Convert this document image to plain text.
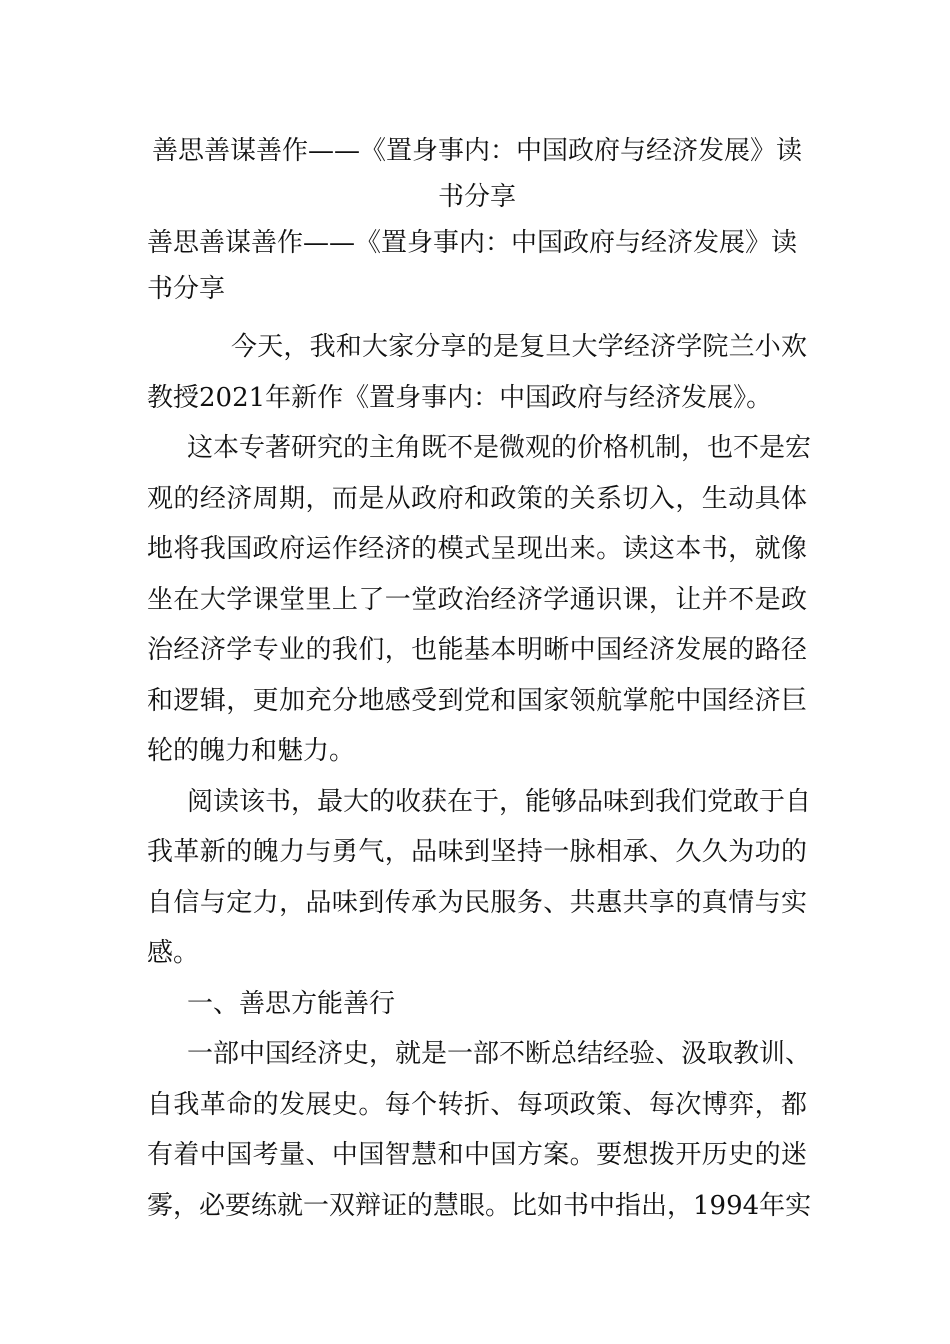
善思善谋善作——《置身事内：中国政府与经济发展》读

书分享

善思善谋善作——《置身事内：中国政府与经济发展》读

书分享

今天，我和大家分享的是复旦大学经济学院兰小欢
教授2021年新作《置身事内：中国政府与经济发展》。
这本专著研究的主角既不是微观的价格机制，也不是宏
观的经济周期，而是从政府和政策的关系切入，生动具体
地将我国政府运作经济的模式呈现出来。读这本书，就像
坐在大学课堂里上了一堂政治经济学通识课，让并不是政
治经济学专业的我们，也能基本明晰中国经济发展的路径
和逻辑，更加充分地感受到党和国家领航掌舵中国经济巨
轮的魄力和魅力。
阅读该书，最大的收获在于，能够品味到我们党敢于自
我革新的魄力与勇气，品味到坚持一脉相承、久久为功的
自信与定力，品味到传承为民服务、共惠共享的真情与实
感。
一、善思方能善行
一部中国经济史，就是一部不断总结经验、汲取教训、
自我革命的发展史。每个转折、每项政策、每次博弈，都
有着中国考量、中国智慧和中国方案。要想拨开历史的迷
雾，必要练就一双辩证的慧眼。比如书中指出，1994年实
